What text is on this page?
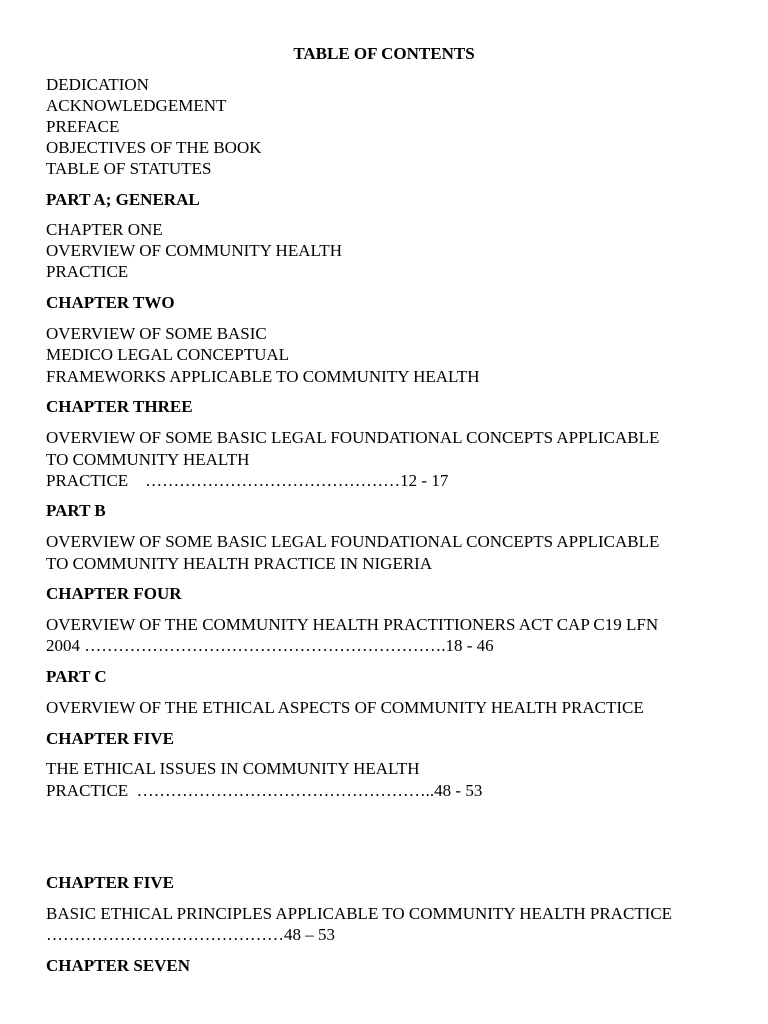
TABLE OF CONTENTS

DEDICATION

ACKNOWLEDGEMENT

PREFACE

OBJECTIVES OF THE BOOK

TABLE OF STATUTES

PART A; GENERAL

CHAPTER ONE

OVERVIEW OF COMMUNITY HEALTH

PRACTICE

CHAPTER TWO

OVERVIEW OF SOME BASIC

MEDICO LEGAL CONCEPTUAL

FRAMEWORKS APPLICABLE TO COMMUNITY HEALTH

CHAPTER THREE

OVERVIEW OF SOME BASIC LEGAL FOUNDATIONAL CONCEPTS APPLICABLE

TO COMMUNITY HEALTH

PRACTICE    ………………………………………12 - 17

PART B

OVERVIEW OF SOME BASIC LEGAL FOUNDATIONAL CONCEPTS APPLICABLE

TO COMMUNITY HEALTH PRACTICE IN NIGERIA

CHAPTER FOUR

OVERVIEW OF THE COMMUNITY HEALTH PRACTITIONERS ACT CAP C19 LFN

2004 ……………………………………………………….18 - 46

PART C

OVERVIEW OF THE ETHICAL ASPECTS OF COMMUNITY HEALTH PRACTICE

CHAPTER FIVE

THE ETHICAL ISSUES IN COMMUNITY HEALTH

PRACTICE  ……………………………………………..48 - 53

CHAPTER FIVE

BASIC ETHICAL PRINCIPLES APPLICABLE TO COMMUNITY HEALTH PRACTICE

……………………………………48 – 53

CHAPTER SEVEN
